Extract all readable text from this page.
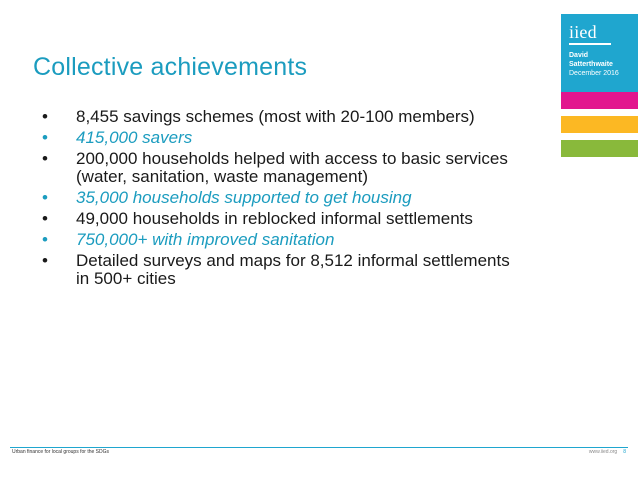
Collective achievements
iied
David
Satterthwaite
December 2016
• 8,455 savings schemes (most with 20-100 members)
• 415,000 savers
• 200,000 households helped with access to basic services (water, sanitation, waste management)
• 35,000 households supported to get housing
• 49,000 households in reblocked informal settlements
• 750,000+ with improved sanitation
• Detailed surveys and maps for 8,512 informal settlements in 500+ cities
Urban finance for local groups for the SDGs	www.iied.org 8
